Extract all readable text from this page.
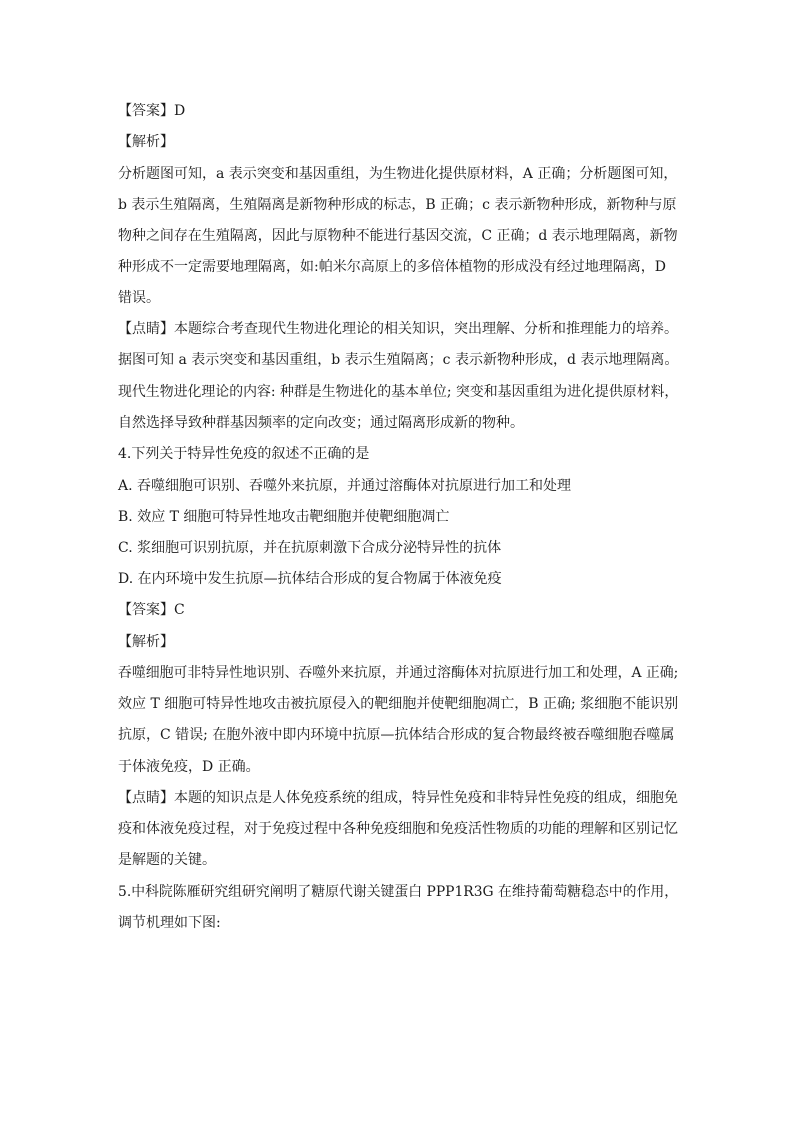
【答案】D
【解析】
分析题图可知，a 表示突变和基因重组，为生物进化提供原材料，A 正确；分析题图可知，
b 表示生殖隔离，生殖隔离是新物种形成的标志，B 正确；c 表示新物种形成，新物种与原
物种之间存在生殖隔离，因此与原物种不能进行基因交流，C 正确；d 表示地理隔离，新物
种形成不一定需要地理隔离，如:帕米尔高原上的多倍体植物的形成没有经过地理隔离，D
错误。
【点睛】本题综合考查现代生物进化理论的相关知识，突出理解、分析和推理能力的培养。
据图可知 a 表示突变和基因重组，b 表示生殖隔离；c 表示新物种形成，d 表示地理隔离。
现代生物进化理论的内容: 种群是生物进化的基本单位; 突变和基因重组为进化提供原材料，
自然选择导致种群基因频率的定向改变；通过隔离形成新的物种。
4.下列关于特异性免疫的叙述不正确的是
A. 吞噬细胞可识别、吞噬外来抗原，并通过溶酶体对抗原进行加工和处理
B. 效应 T 细胞可特异性地攻击靶细胞并使靶细胞凋亡
C. 浆细胞可识别抗原，并在抗原刺激下合成分泌特异性的抗体
D. 在内环境中发生抗原—抗体结合形成的复合物属于体液免疫
【答案】C
【解析】
吞噬细胞可非特异性地识别、吞噬外来抗原，并通过溶酶体对抗原进行加工和处理，A 正确;
效应 T 细胞可特异性地攻击被抗原侵入的靶细胞并使靶细胞凋亡，B 正确; 浆细胞不能识别
抗原，C 错误; 在胞外液中即内环境中抗原—抗体结合形成的复合物最终被吞噬细胞吞噬属
于体液免疫，D 正确。
【点睛】本题的知识点是人体免疫系统的组成，特异性免疫和非特异性免疫的组成，细胞免
疫和体液免疫过程，对于免疫过程中各种免疫细胞和免疫活性物质的功能的理解和区别记忆
是解题的关键。
5.中科院陈雁研究组研究阐明了糖原代谢关键蛋白 PPP1R3G 在维持葡萄糖稳态中的作用，
调节机理如下图:
